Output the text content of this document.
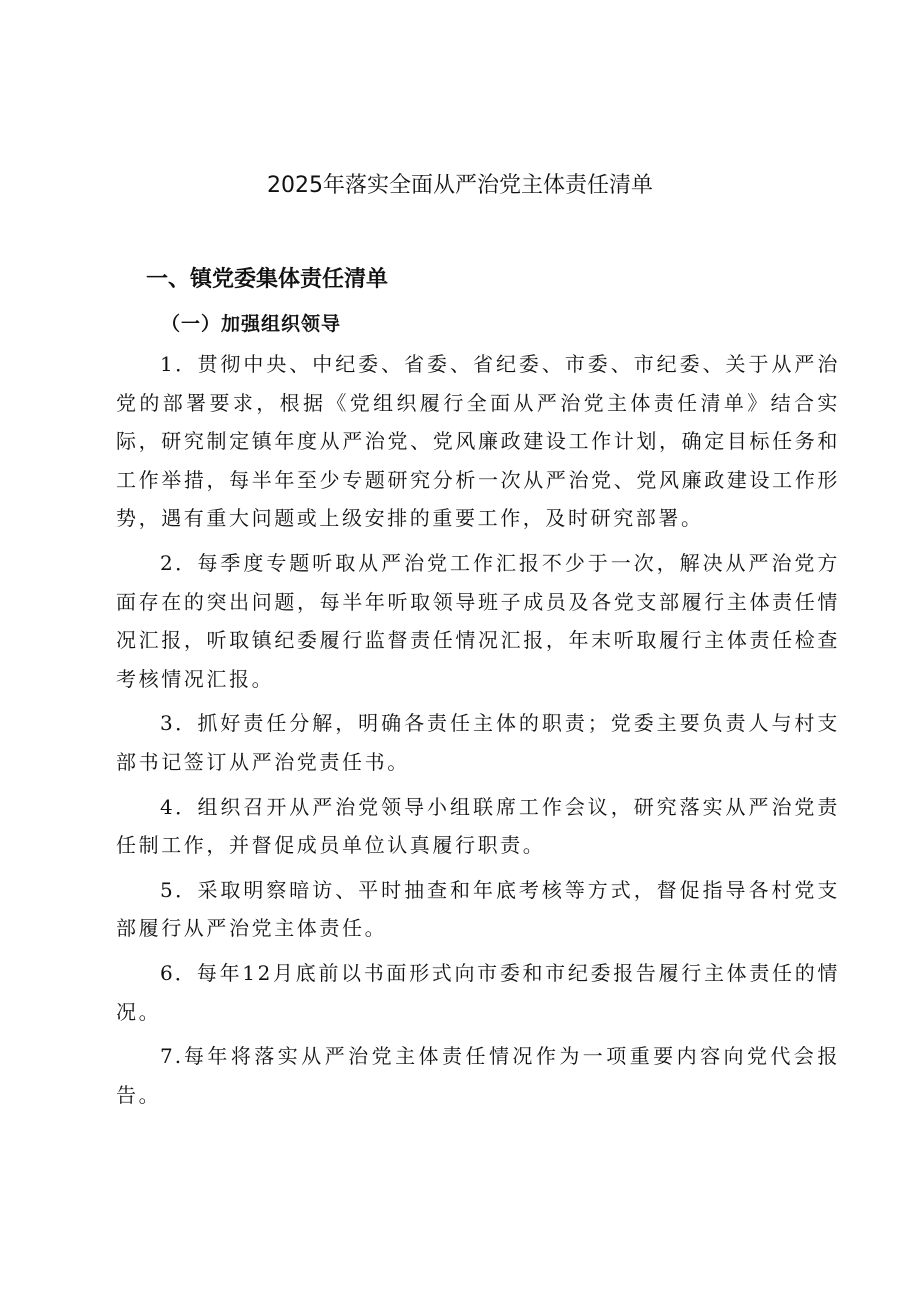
2025年落实全面从严治党主体责任清单
一、镇党委集体责任清单
（一）加强组织领导

1．贯彻中央、中纪委、省委、省纪委、市委、市纪委、关于从严治党的部署要求，根据《党组织履行全面从严治党主体责任清单》结合实际，研究制定镇年度从严治党、党风廉政建设工作计划，确定目标任务和工作举措，每半年至少专题研究分析一次从严治党、党风廉政建设工作形势，遇有重大问题或上级安排的重要工作，及时研究部署。

2．每季度专题听取从严治党工作汇报不少于一次，解决从严治党方面存在的突出问题，每半年听取领导班子成员及各党支部履行主体责任情况汇报，听取镇纪委履行监督责任情况汇报，年末听取履行主体责任检查考核情况汇报。

3．抓好责任分解，明确各责任主体的职责；党委主要负责人与村支部书记签订从严治党责任书。

4．组织召开从严治党领导小组联席工作会议，研究落实从严治党责任制工作，并督促成员单位认真履行职责。

5．采取明察暗访、平时抽查和年底考核等方式，督促指导各村党支部履行从严治党主体责任。

6．每年12月底前以书面形式向市委和市纪委报告履行主体责任的情况。

7.每年将落实从严治党主体责任情况作为一项重要内容向党代会报告。
